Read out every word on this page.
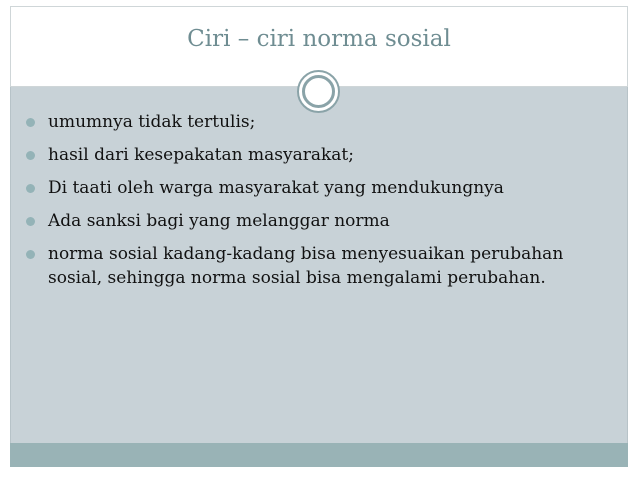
Ciri – ciri norma sosial
umumnya tidak tertulis;
hasil dari kesepakatan masyarakat;
Di taati oleh warga masyarakat yang mendukungnya
Ada sanksi bagi yang melanggar norma
norma sosial kadang-kadang bisa menyesuaikan perubahan sosial, sehingga norma sosial bisa mengalami perubahan.
